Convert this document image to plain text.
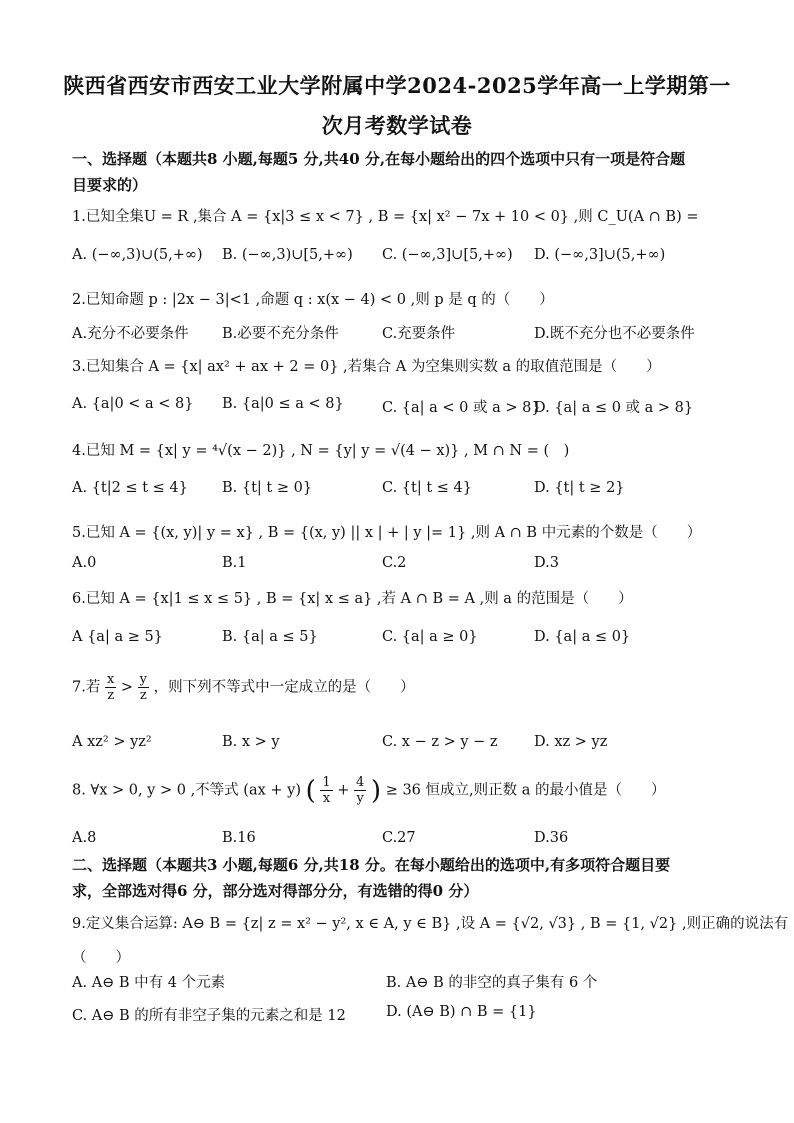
陕西省西安市西安工业大学附属中学2024-2025学年高一上学期第一
次月考数学试卷
一、选择题（本题共8 小题,每题5 分,共40 分,在每小题给出的四个选项中只有一项是符合题
目要求的）
1.已知全集U = R ,集合 A = {x|3 ≤ x < 7} , B = {x| x² − 7x + 10 < 0} ,则 C_U(A ∩ B) =
A. (−∞,3)∪(5,+∞) B. (−∞,3)∪[5,+∞) C. (−∞,3]∪[5,+∞) D. (−∞,3]∪(5,+∞)
2.已知命题 p : |2x − 3|<1 ,命题 q : x(x − 4) < 0 ,则 p 是 q 的（　　）
A.充分不必要条件 B.必要不充分条件	C.充要条件	D.既不充分也不必要条件
3.已知集合 A = {x| ax² + ax + 2 = 0} ,若集合 A 为空集则实数 a 的取值范围是（　　）
A. {a|0 < a < 8} B. {a|0 ≤ a < 8}	C. {a| a < 0 或 a > 8}
D. {a| a ≤ 0 或 a > 8}
4.已知 M = {x| y = ⁴√(x − 2)} , N = {y| y = √(4 − x)} , M ∩ N = (　)
A. {t|2 ≤ t ≤ 4} B. {t| t ≥ 0}	C. {t| t ≤ 4}	D. {t| t ≥ 2}
5.已知 A = {(x, y)| y = x} , B = {(x, y) || x | + | y |= 1} ,则 A ∩ B 中元素的个数是（　　）
A.0	B.1	C.2	D.3
6.已知 A = {x|1 ≤ x ≤ 5} , B = {x| x ≤ a} ,若 A ∩ B = A ,则 a 的范围是（　　）
A {a| a ≥ 5}	B. {a| a ≤ 5}	C. {a| a ≥ 0}	D. {a| a ≤ 0}
7.若 $\frac{x}{z} > \frac{y}{z}$ ，则下列不等式中一定成立的是（　　）
A xz² > yz²	B. x > y	C. x − z > y − z	D. xz > yz
8. ∀x > 0, y > 0 ,不等式 (ax + y) ( $\frac{1}{x} + \frac{4}{y}$ ) ≥ 36 恒成立,则正数 a 的最小值是（　　）
A.8	B.16	C.27	D.36
二、选择题（本题共3 小题,每题6 分,共18 分。在每小题给出的选项中,有多项符合题目要
求，全部选对得6 分，部分选对得部分分，有选错的得0 分）
9.定义集合运算: A⊖ B = {z| z = x² − y², x ∈ A, y ∈ B} ,设 A = {√2, √3} , B = {1, √2} ,则正确的说法有
（　　）
A. A⊖ B 中有 4 个元素	B. A⊖ B 的非空的真子集有 6 个
C. A⊖ B 的所有非空子集的元素之和是 12	D. (A⊖ B) ∩ B = {1}
